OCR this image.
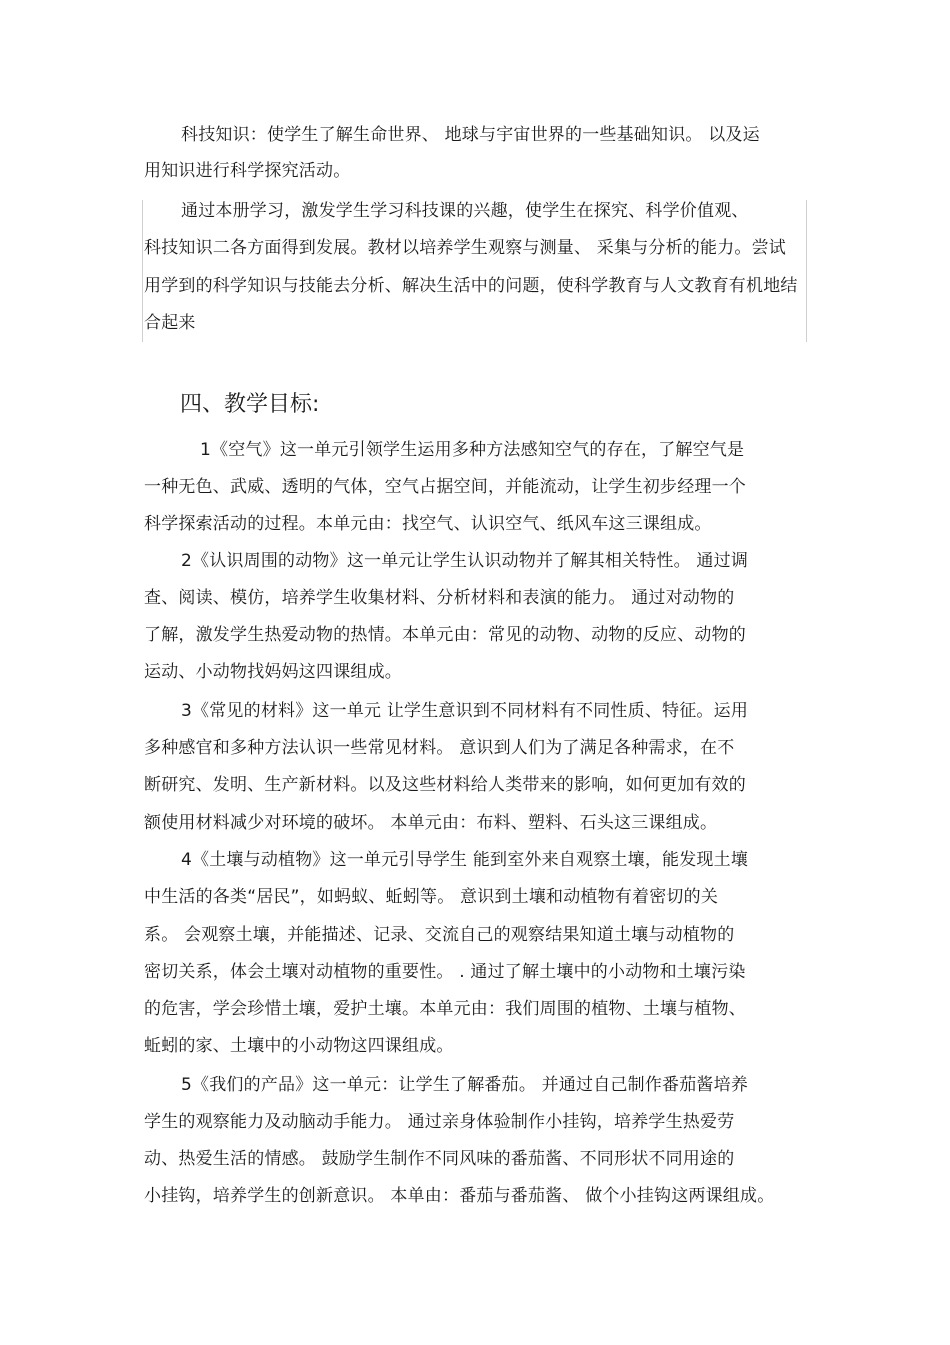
科技知识：使学生了解生命世界、 地球与宇宙世界的一些基础知识。 以及运
用知识进行科学探究活动。
通过本册学习，激发学生学习科技课的兴趣，使学生在探究、科学价值观、
科技知识二各方面得到发展。教材以培养学生观察与测量、 采集与分析的能力。尝试
用学到的科学知识与技能去分析、解决生活中的问题，使科学教育与人文教育有机地结
合起来
四、教学目标:
1《空气》这一单元引领学生运用多种方法感知空气的存在，了解空气是
一种无色、武威、透明的气体，空气占据空间，并能流动，让学生初步经理一个
科学探索活动的过程。本单元由：找空气、认识空气、纸风车这三课组成。
2《认识周围的动物》这一单元让学生认识动物并了解其相关特性。 通过调
查、阅读、模仿，培养学生收集材料、分析材料和表演的能力。 通过对动物的
了解，激发学生热爱动物的热情。本单元由：常见的动物、动物的反应、动物的
运动、小动物找妈妈这四课组成。
3《常见的材料》这一单元 让学生意识到不同材料有不同性质、特征。运用
多种感官和多种方法认识一些常见材料。 意识到人们为了满足各种需求，在不
断研究、发明、生产新材料。以及这些材料给人类带来的影响，如何更加有效的
额使用材料减少对环境的破坏。 本单元由：布料、塑料、石头这三课组成。
4《土壤与动植物》这一单元引导学生 能到室外来自观察土壤，能发现土壤
中生活的各类“居民”，如蚂蚁、蚯蚓等。 意识到土壤和动植物有着密切的关
系。 会观察土壤，并能描述、记录、交流自己的观察结果知道土壤与动植物的
密切关系，体会土壤对动植物的重要性。 . 通过了解土壤中的小动物和土壤污染
的危害，学会珍惜土壤，爱护土壤。本单元由：我们周围的植物、土壤与植物、
蚯蚓的家、土壤中的小动物这四课组成。
5《我们的产品》这一单元：让学生了解番茄。 并通过自己制作番茄酱培养
学生的观察能力及动脑动手能力。 通过亲身体验制作小挂钩，培养学生热爱劳
动、热爱生活的情感。 鼓励学生制作不同风味的番茄酱、不同形状不同用途的
小挂钩，培养学生的创新意识。 本单由：番茄与番茄酱、 做个小挂钩这两课组成。
